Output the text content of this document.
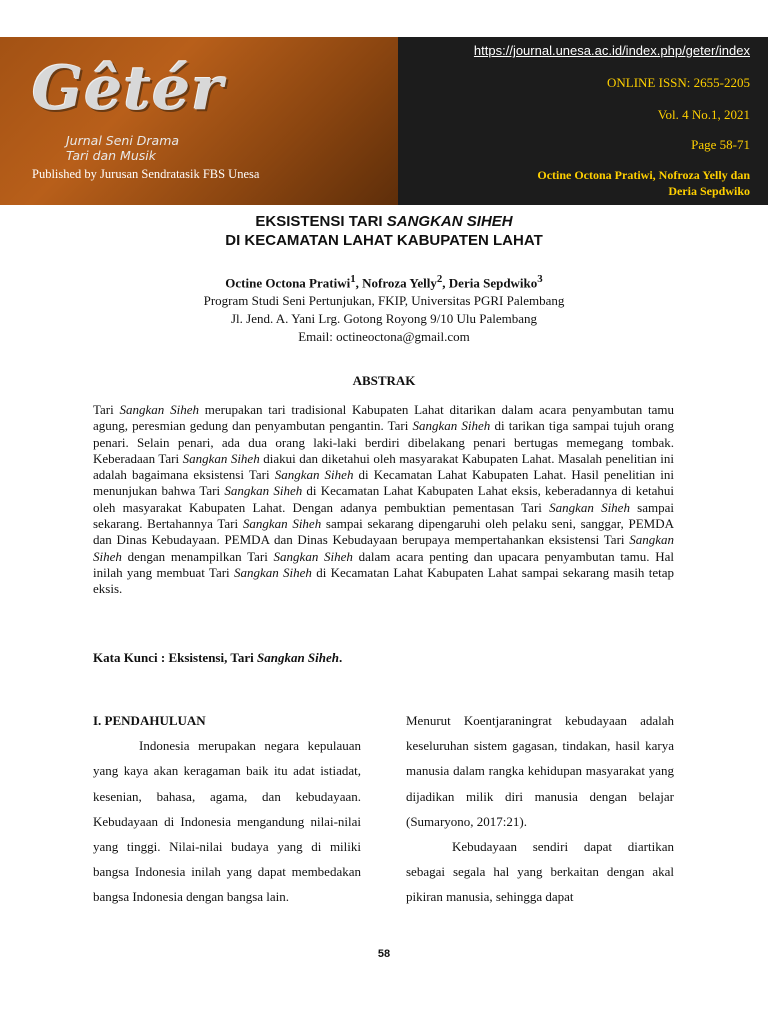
Gêtér
Jurnal Seni Drama
Tari dan Musik
Published by Jurusan Sendratasik FBS Unesa
https://journal.unesa.ac.id/index.php/geter/index
ONLINE ISSN: 2655-2205
Vol. 4 No.1, 2021
Page 58-71
Octine Octona Pratiwi, Nofroza Yelly dan
Deria Sepdwiko
EKSISTENSI TARI SANGKAN SIHEH
DI KECAMATAN LAHAT KABUPATEN LAHAT
Octine Octona Pratiwi$^1$, Nofroza Yelly$^2$, Deria Sepdwiko$^3$
Program Studi Seni Pertunjukan, FKIP, Universitas PGRI Palembang
Jl. Jend. A. Yani Lrg. Gotong Royong 9/10 Ulu Palembang
Email: octineoctona@gmail.com
ABSTRAK
Tari Sangkan Siheh merupakan tari tradisional Kabupaten Lahat ditarikan dalam acara penyambutan tamu agung, peresmian gedung dan penyambutan pengantin. Tari Sangkan Siheh di tarikan tiga sampai tujuh orang penari. Selain penari, ada dua orang laki-laki berdiri dibelakang penari bertugas memegang tombak. Keberadaan Tari Sangkan Siheh diakui dan diketahui oleh masyarakat Kabupaten Lahat. Masalah penelitian ini adalah bagaimana eksistensi Tari Sangkan Siheh di Kecamatan Lahat Kabupaten Lahat. Hasil penelitian ini menunjukan bahwa Tari Sangkan Siheh di Kecamatan Lahat Kabupaten Lahat eksis, keberadannya di ketahui oleh masyarakat Kabupaten Lahat. Dengan adanya pembuktian pementasan Tari Sangkan Siheh sampai sekarang. Bertahannya Tari Sangkan Siheh sampai sekarang dipengaruhi oleh pelaku seni, sanggar, PEMDA dan Dinas Kebudayaan. PEMDA dan Dinas Kebudayaan berupaya mempertahankan eksistensi Tari Sangkan Siheh dengan menampilkan Tari Sangkan Siheh dalam acara penting dan upacara penyambutan tamu. Hal inilah yang membuat Tari Sangkan Siheh di Kecamatan Lahat Kabupaten Lahat sampai sekarang masih tetap eksis.
Kata Kunci : Eksistensi, Tari Sangkan Siheh.

I. PENDAHULUAN

Indonesia merupakan negara kepulauan yang kaya akan keragaman baik itu adat istiadat, kesenian, bahasa, agama, dan kebudayaan. Kebudayaan di Indonesia mengandung nilai-nilai yang tinggi. Nilai-nilai budaya yang di miliki bangsa Indonesia inilah yang dapat membedakan bangsa Indonesia dengan bangsa lain.

Menurut Koentjaraningrat kebudayaan adalah keseluruhan sistem gagasan, tindakan, hasil karya manusia dalam rangka kehidupan masyarakat yang dijadikan milik diri manusia dengan belajar (Sumaryono, 2017:21).

Kebudayaan sendiri dapat diartikan sebagai segala hal yang berkaitan dengan akal pikiran manusia, sehingga dapat

58
